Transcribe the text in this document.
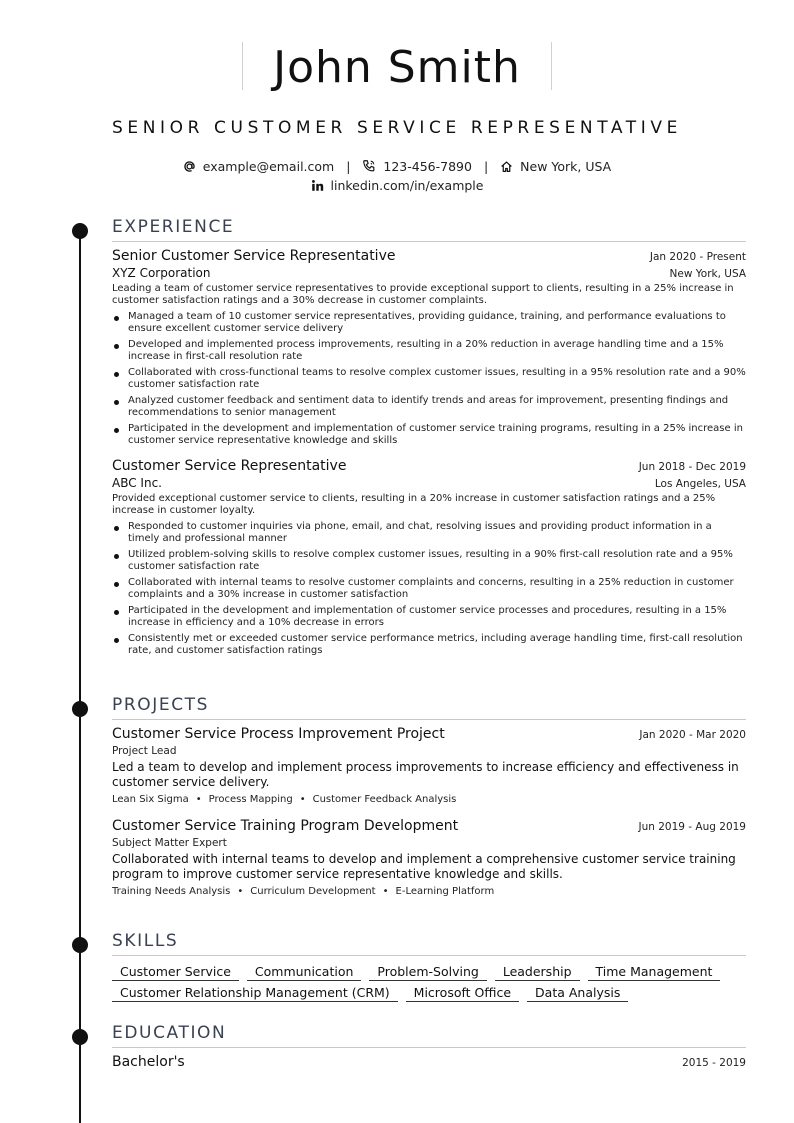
John Smith
SENIOR CUSTOMER SERVICE REPRESENTATIVE
example@email.com |	123-456-7890 |	New York, USA
linkedin.com/in/example
EXPERIENCE
Senior Customer Service Representative	Jan 2020 - Present
XYZ Corporation	New York, USA
Leading a team of customer service representatives to provide exceptional support to clients, resulting in a 25% increase in customer satisfaction ratings and a 30% decrease in customer complaints.
Managed a team of 10 customer service representatives, providing guidance, training, and performance evaluations to ensure excellent customer service delivery
Developed and implemented process improvements, resulting in a 20% reduction in average handling time and a 15% increase in first-call resolution rate
Collaborated with cross-functional teams to resolve complex customer issues, resulting in a 95% resolution rate and a 90% customer satisfaction rate
Analyzed customer feedback and sentiment data to identify trends and areas for improvement, presenting findings and recommendations to senior management
Participated in the development and implementation of customer service training programs, resulting in a 25% increase in customer service representative knowledge and skills
Customer Service Representative	Jun 2018 - Dec 2019
ABC Inc.	Los Angeles, USA
Provided exceptional customer service to clients, resulting in a 20% increase in customer satisfaction ratings and a 25% increase in customer loyalty.
Responded to customer inquiries via phone, email, and chat, resolving issues and providing product information in a timely and professional manner
Utilized problem-solving skills to resolve complex customer issues, resulting in a 90% first-call resolution rate and a 95% customer satisfaction rate
Collaborated with internal teams to resolve customer complaints and concerns, resulting in a 25% reduction in customer complaints and a 30% increase in customer satisfaction
Participated in the development and implementation of customer service processes and procedures, resulting in a 15% increase in efficiency and a 10% decrease in errors
Consistently met or exceeded customer service performance metrics, including average handling time, first-call resolution rate, and customer satisfaction ratings
PROJECTS
Customer Service Process Improvement Project	Jan 2020 - Mar 2020
Project Lead
Led a team to develop and implement process improvements to increase efficiency and effectiveness in customer service delivery.
Lean Six Sigma • Process Mapping • Customer Feedback Analysis
Customer Service Training Program Development	Jun 2019 - Aug 2019
Subject Matter Expert
Collaborated with internal teams to develop and implement a comprehensive customer service training program to improve customer service representative knowledge and skills.
Training Needs Analysis • Curriculum Development • E-Learning Platform
SKILLS
Customer Service	Communication	Problem-Solving	Leadership	Time Management
Customer Relationship Management (CRM)	Microsoft Office	Data Analysis
EDUCATION
Bachelor's	2015 - 2019
